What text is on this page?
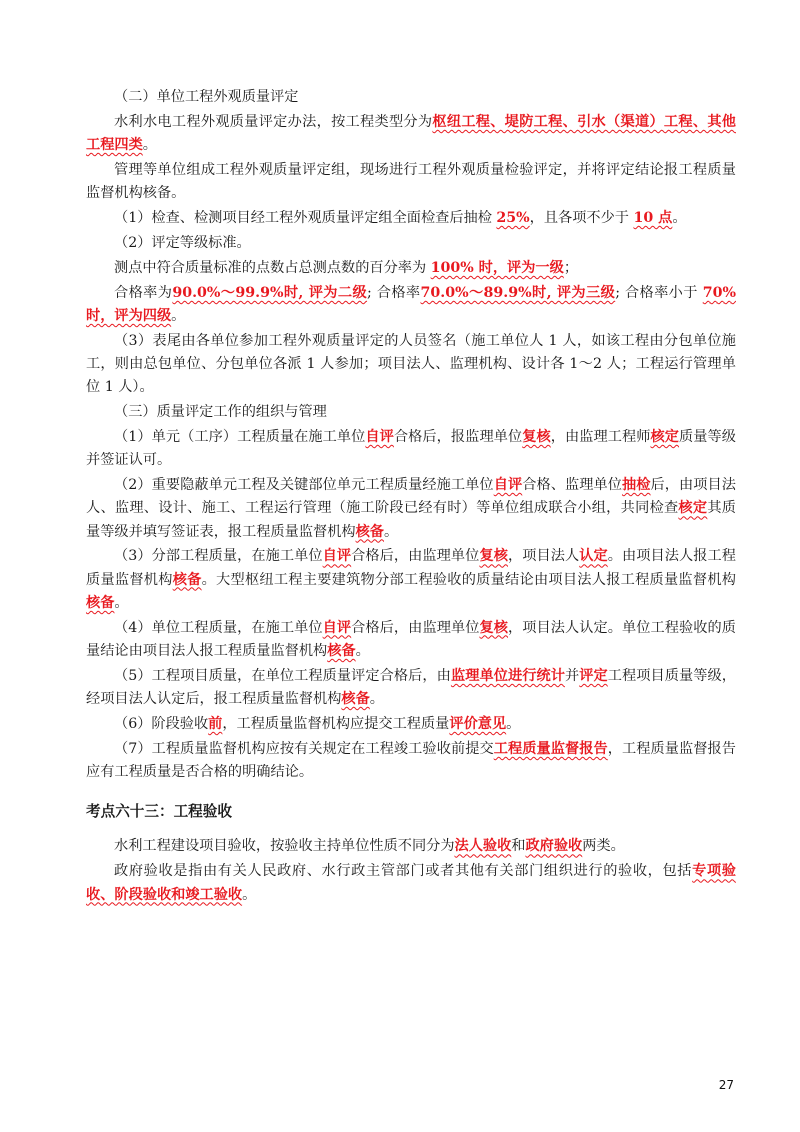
（二）单位工程外观质量评定

水利水电工程外观质量评定办法，按工程类型分为枢纽工程、堤防工程、引水（渠道）工程、其他工程四类。

管理等单位组成工程外观质量评定组，现场进行工程外观质量检验评定，并将评定结论报工程质量监督机构核备。

（1）检查、检测项目经工程外观质量评定组全面检查后抽检 25%，且各项不少于 10 点。

（2）评定等级标准。

测点中符合质量标准的点数占总测点数的百分率为 100% 时，评为一级；

合格率为90.0%～99.9%时, 评为二级; 合格率70.0%～89.9%时, 评为三级; 合格率小于 70%时，评为四级。

（3）表尾由各单位参加工程外观质量评定的人员签名（施工单位人 1 人，如该工程由分包单位施工，则由总包单位、分包单位各派 1 人参加；项目法人、监理机构、设计各 1～2 人；工程运行管理单位 1 人）。

（三）质量评定工作的组织与管理

（1）单元（工序）工程质量在施工单位自评合格后，报监理单位复核，由监理工程师核定质量等级并签证认可。

（2）重要隐蔽单元工程及关键部位单元工程质量经施工单位自评合格、监理单位抽检后，由项目法人、监理、设计、施工、工程运行管理（施工阶段已经有时）等单位组成联合小组，共同检查核定其质量等级并填写签证表，报工程质量监督机构核备。

（3）分部工程质量，在施工单位自评合格后，由监理单位复核，项目法人认定。由项目法人报工程质量监督机构核备。大型枢纽工程主要建筑物分部工程验收的质量结论由项目法人报工程质量监督机构核备。

（4）单位工程质量，在施工单位自评合格后，由监理单位复核，项目法人认定。单位工程验收的质量结论由项目法人报工程质量监督机构核备。

（5）工程项目质量，在单位工程质量评定合格后，由监理单位进行统计并评定工程项目质量等级，经项目法人认定后，报工程质量监督机构核备。

（6）阶段验收前，工程质量监督机构应提交工程质量评价意见。

（7）工程质量监督机构应按有关规定在工程竣工验收前提交工程质量监督报告，工程质量监督报告应有工程质量是否合格的明确结论。

考点六十三：工程验收

水利工程建设项目验收，按验收主持单位性质不同分为法人验收和政府验收两类。

政府验收是指由有关人民政府、水行政主管部门或者其他有关部门组织进行的验收，包括专项验收、阶段验收和竣工验收。

27
